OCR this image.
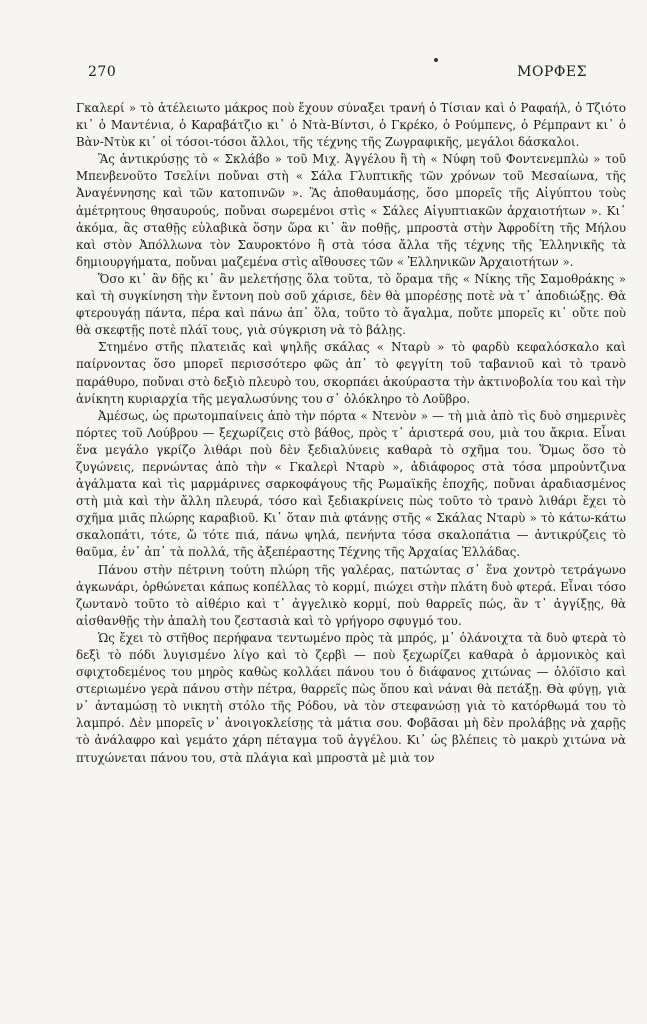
270	ΜΟΡΦΕΣ

Γκαλερί » τὸ ἀτέλειωτο μάκρος ποὺ ἔχουν σύναξει τρανή ὁ Τίσιαν καὶ ὁ Ραφαήλ, ὁ Τζιότο κι᾽ ὁ Μαντένια, ὁ Καραβάτζιο κι᾽ ὁ Ντὰ-Βίντσι, ὁ Γκρέκο, ὁ Ρούμπενς, ὁ Ρέμπραντ κι᾽ ὁ Βὰν-Ντὺκ κι᾽ οἱ τόσοι-τόσοι ἄλλοι, τῆς τέχνης τῆς Ζωγραφικῆς, μεγάλοι δάσκαλοι.

Ἂς ἀντικρύσῃς τὸ « Σκλάβο » τοῦ Μιχ. Ἀγγέλου ἢ τὴ « Νύφη τοῦ Φοντενεμπλὼ » τοῦ Μπενβενοῦτο Τσελίνι ποὔναι στὴ « Σάλα Γλυπτικῆς τῶν χρόνων τοῦ Μεσαίωνα, τῆς Ἀναγέννησης καὶ τῶν κατοπινῶν ». Ἂς ἀποθαυμάσῃς, ὅσο μπορεῖς τῆς Αἰγύπτου τοὺς ἀμέτρητους θησαυρούς, ποὔναι σωρεμένοι στὶς « Σάλες Αἰγυπτιακῶν ἀρχαιοτήτων ». Κι᾽ ἀκόμα, ἂς σταθῇς εὐλαβικὰ ὅσην ὥρα κι᾽ ἂν ποθῇς, μπροστὰ στὴν Ἀφροδίτη τῆς Μήλου καὶ στὸν Ἀπόλλωνα τὸν Σαυροκτόνο ἢ στὰ τόσα ἄλλα τῆς τέχνης τῆς Ἑλληνικῆς τὰ δημιουργήματα, ποὔναι μαζεμένα στὶς αἴθουσες τῶν « Ἑλληνικῶν Ἀρχαιοτήτων ».

Ὅσο κι᾽ ἂν δῇς κι᾽ ἂν μελετήσῃς ὅλα τοῦτα, τὸ ὅραμα τῆς « Νίκης τῆς Σαμοθράκης » καὶ τὴ συγκίνηση τὴν ἔντονη ποὺ σοῦ χάρισε, δὲν θὰ μπορέσῃς ποτὲ νὰ τ᾽ ἀποδιώξῃς. Θὰ φτερουγάῃ πάντα, πέρα καὶ πάνω ἀπ᾽ ὅλα, τοῦτο τὸ ἄγαλμα, ποὔτε μπορεῖς κι᾽ οὔτε ποὺ θὰ σκεφτῇς ποτὲ πλάϊ τους, γιὰ σύγκριση νὰ τὸ βάλῃς.

Στημένο στῆς πλατειᾶς καὶ ψηλῆς σκάλας « Νταρὺ » τὸ φαρδὺ κεφαλόσκαλο καὶ παίρνοντας ὅσο μπορεῖ περισσότερο φῶς ἀπ᾽ τὸ φεγγίτη τοῦ ταβανιοῦ καὶ τὸ τρανὸ παράθυρο, ποὔναι στὸ δεξιὸ πλευρὸ του, σκορπάει ἀκούραστα τὴν ἀκτινοβολία του καὶ τὴν ἀνίκητη κυριαρχία τῆς μεγαλωσύνης του σ᾽ ὁλόκληρο τὸ Λοῦβρο.

Ἀμέσως, ὡς πρωτομπαίνεις ἀπὸ τὴν πόρτα « Ντενὸν » — τὴ μιὰ ἀπὸ τὶς δυὸ σημερινὲς πόρτες τοῦ Λούβρου — ξεχωρίζεις στὸ βάθος, πρὸς τ᾽ ἀριστερά σου, μιὰ του ἄκρια. Εἶναι ἕνα μεγάλο γκρίζο λιθάρι ποὺ δὲν ξεδιαλύνεις καθαρὰ τὸ σχῆμα του. Ὅμως ὅσο τὸ ζυγώνεις, περνώντας ἀπὸ τὴν « Γκαλερὶ Νταρὺ », ἀδιάφορος στὰ τόσα μπροὐντζινα ἀγάλματα καὶ τὶς μαρμάρινες σαρκοφάγους τῆς Ρωμαϊκῆς ἐποχῆς, ποὔναι ἀραδιασμένος στὴ μιὰ καὶ τὴν ἄλλη πλευρά, τόσο καὶ ξεδιακρίνεις πὼς τοῦτο τὸ τρανὸ λιθάρι ἔχει τὸ σχῆμα μιᾶς πλώρης καραβιοῦ. Κι᾽ ὅταν πιὰ φτάνῃς στῆς « Σκάλας Νταρὺ » τὸ κάτω-κάτω σκαλοπάτι, τότε, ὤ τότε πιά, πάνω ψηλά, πενήντα τόσα σκαλοπάτια — ἀντικρύζεις τὸ θαῦμα, ἐν᾽ ἀπ᾽ τὰ πολλά, τῆς ἀξεπέραστης Τέχνης τῆς Ἀρχαίας Ἑλλάδας.

Πάνου στὴν πέτρινη τούτη πλώρη τῆς γαλέρας, πατώντας σ᾽ ἕνα χοντρὸ τετράγωνο ἀγκωνάρι, ὀρθώνεται κάπως κοπέλλας τὸ κορμί, πιώχει στὴν πλάτη δυὸ φτερά. Εἶναι τόσο ζωντανὸ τοῦτο τὸ αἰθέριο καὶ τ᾽ ἀγγελικὸ κορμί, ποὺ θαρρεῖς πώς, ἂν τ᾽ ἀγγίξῃς, θὰ αἰσθανθῇς τὴν ἁπαλὴ του ζεστασιὰ καὶ τὸ γρήγορο σφυγμό του.

Ὡς ἔχει τὸ στῆθος περήφανα τεντωμένο πρὸς τὰ μπρός, μ᾽ ὁλάνοιχτα τὰ δυὸ φτερὰ τὸ δεξὶ τὸ πόδι λυγισμένο λίγο καὶ τὸ ζερβὶ — ποὺ ξεχωρίζει καθαρὰ ὁ ἁρμονικὸς καὶ σφιχτοδεμένος του μηρὸς καθὼς κολλάει πάνου του ὁ διάφανος χιτώνας — ὁλόϊσιο καὶ στεριωμένο γερὰ πάνου στὴν πέτρα, θαρρεῖς πὼς ὅπου καὶ νάναι θὰ πετάξῃ. Θὰ φύγῃ, γιὰ ν᾽ ἀνταμώσῃ τὸ νικητὴ στόλο τῆς Ρόδου, νὰ τὸν στεφανώσῃ γιὰ τὸ κατόρθωμά του τὸ λαμπρό. Δὲν μπορεῖς ν᾽ ἀνοιγοκλείσῃς τὰ μάτια σου. Φοβᾶσαι μὴ δὲν προλάβῃς νὰ χαρῇς τὸ ἀνάλαφρο καὶ γεμάτο χάρη πέταγμα τοῦ ἀγγέλου. Κι᾽ ὡς βλέπεις τὸ μακρὺ χιτώνα νὰ πτυχώνεται πάνου του, στὰ πλάγια καὶ μπροστὰ μὲ μιὰ τον
